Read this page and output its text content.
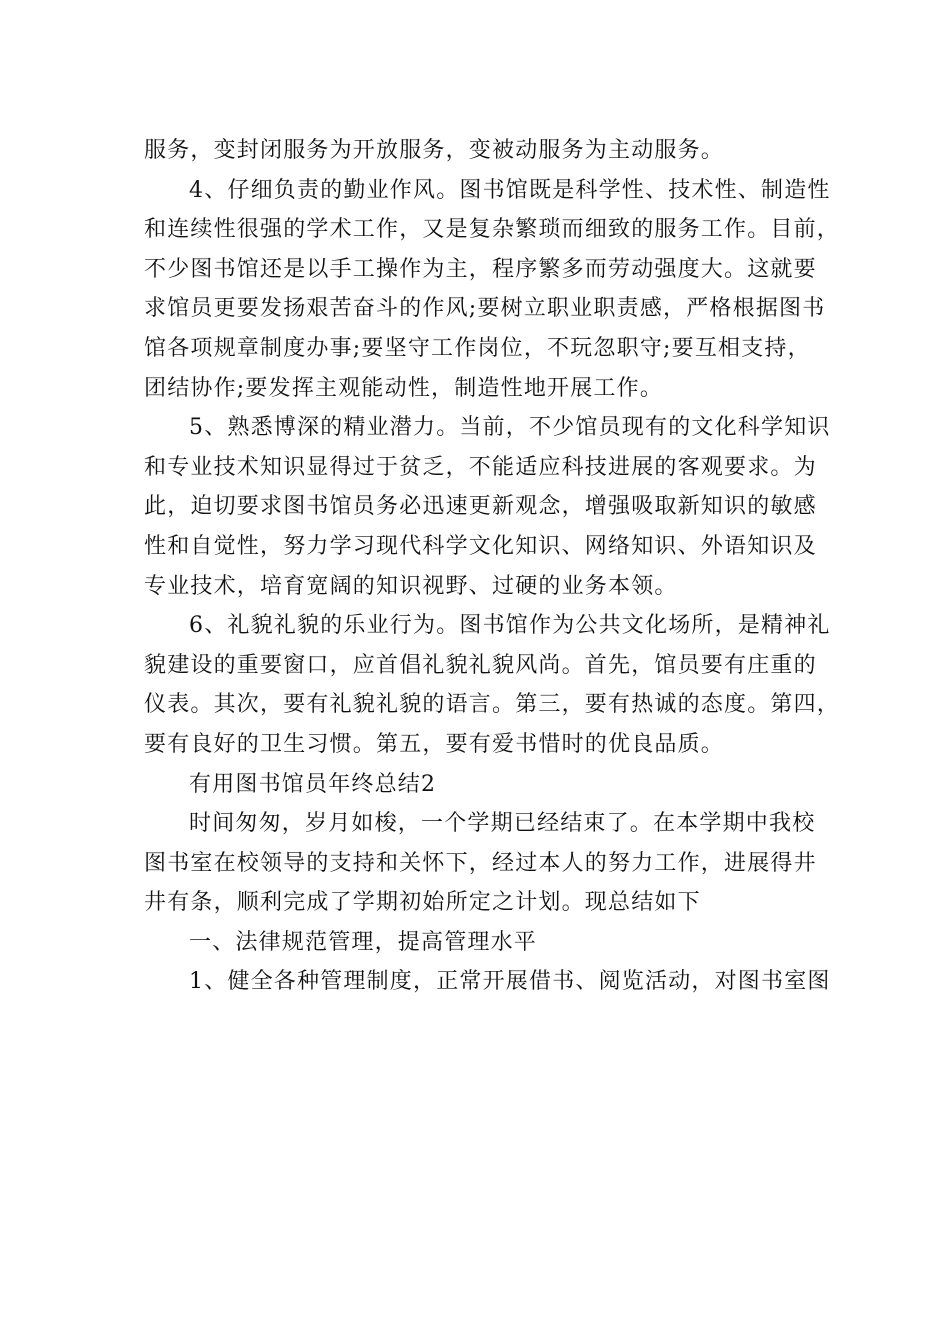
服务，变封闭服务为开放服务，变被动服务为主动服务。
4、仔细负责的勤业作风。图书馆既是科学性、技术性、制造性
和连续性很强的学术工作，又是复杂繁琐而细致的服务工作。目前，
不少图书馆还是以手工操作为主，程序繁多而劳动强度大。这就要
求馆员更要发扬艰苦奋斗的作风;要树立职业职责感，严格根据图书
馆各项规章制度办事;要坚守工作岗位，不玩忽职守;要互相支持，
团结协作;要发挥主观能动性，制造性地开展工作。
5、熟悉博深的精业潜力。当前，不少馆员现有的文化科学知识
和专业技术知识显得过于贫乏，不能适应科技进展的客观要求。为
此，迫切要求图书馆员务必迅速更新观念，增强吸取新知识的敏感
性和自觉性，努力学习现代科学文化知识、网络知识、外语知识及
专业技术，培育宽阔的知识视野、过硬的业务本领。
6、礼貌礼貌的乐业行为。图书馆作为公共文化场所，是精神礼
貌建设的重要窗口，应首倡礼貌礼貌风尚。首先，馆员要有庄重的
仪表。其次，要有礼貌礼貌的语言。第三，要有热诚的态度。第四，
要有良好的卫生习惯。第五，要有爱书惜时的优良品质。
有用图书馆员年终总结2
时间匆匆，岁月如梭，一个学期已经结束了。在本学期中我校
图书室在校领导的支持和关怀下，经过本人的努力工作，进展得井
井有条，顺利完成了学期初始所定之计划。现总结如下
一、法律规范管理，提高管理水平
1、健全各种管理制度，正常开展借书、阅览活动，对图书室图
